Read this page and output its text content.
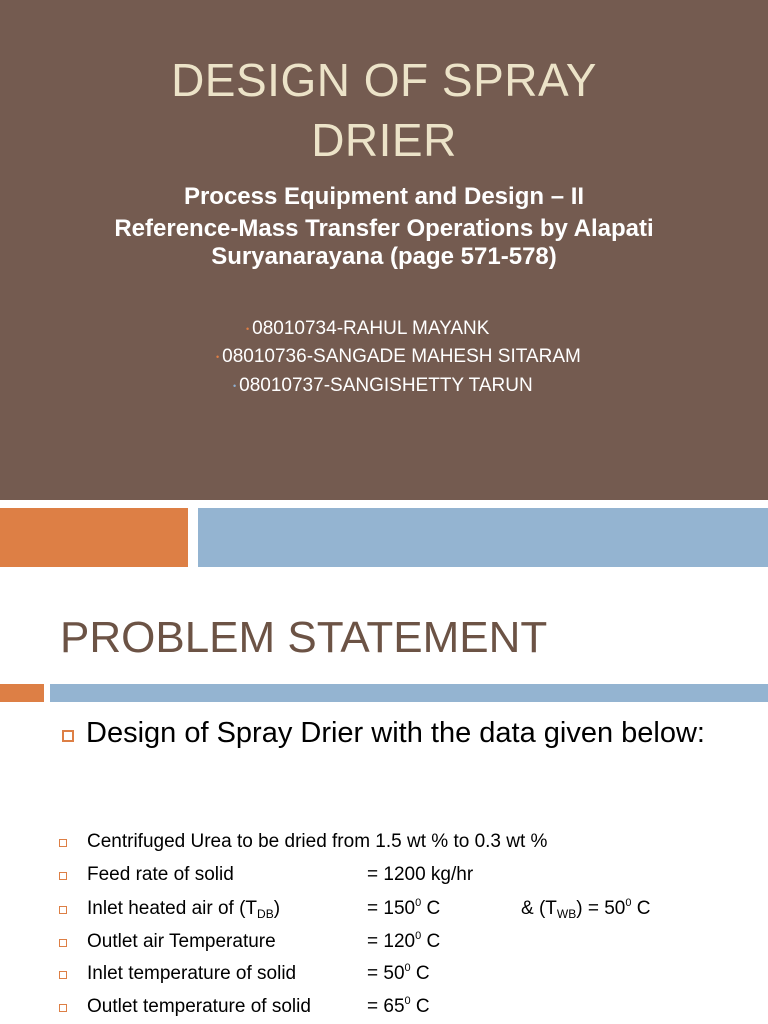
DESIGN OF SPRAY
DRIER
Process Equipment and Design – II
Reference-Mass Transfer Operations by Alapati
Suryanarayana (page 571-578)
• 08010734-RAHUL MAYANK
• 08010736-SANGADE MAHESH SITARAM
• 08010737-SANGISHETTY TARUN
PROBLEM STATEMENT
Design of Spray Drier with the data given below:
Centrifuged Urea to be dried from 1.5 wt % to 0.3 wt %
Feed rate of solid	= 1200 kg/hr
Inlet heated air of $(T_{DB})$	= $150^0$ C	& $(T_{WB}) = 50^0$ C
Outlet air Temperature	= $120^0$ C
Inlet temperature of solid	= $50^0$ C
Outlet temperature of solid	= $65^0$ C
